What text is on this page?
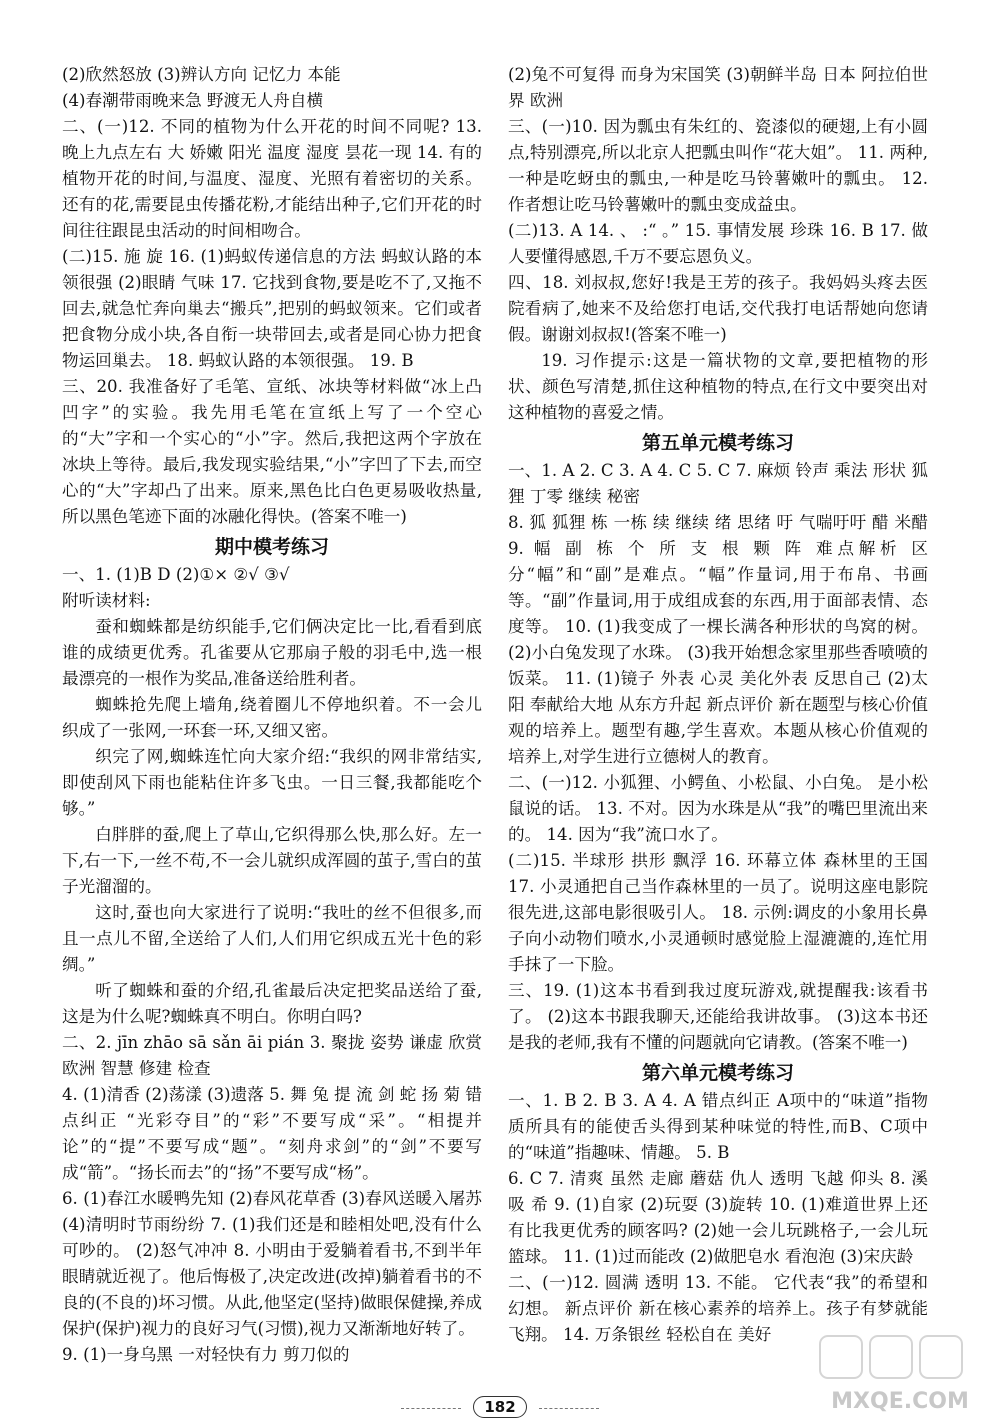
(2)欣然怒放 (3)辨认方向 记忆力 本能

(4)春潮带雨晚来急 野渡无人舟自横

二、(一)12. 不同的植物为什么开花的时间不同呢? 13. 晚上九点左右 大 娇嫩 阳光 温度 湿度 昙花一现 14. 有的植物开花的时间,与温度、湿度、光照有着密切的关系。 还有的花,需要昆虫传播花粉,才能结出种子,它们开花的时间往往跟昆虫活动的时间相吻合。

(二)15. 施 旋 16. (1)蚂蚁传递信息的方法 蚂蚁认路的本领很强 (2)眼睛 气味 17. 它找到食物,要是吃不了,又拖不回去,就急忙奔向巢去“搬兵”,把别的蚂蚁领来。它们或者把食物分成小块,各自衔一块带回去,或者是同心协力把食物运回巢去。 18. 蚂蚁认路的本领很强。 19. B

三、20. 我准备好了毛笔、宣纸、冰块等材料做“冰上凸凹字”的实验。我先用毛笔在宣纸上写了一个空心的“大”字和一个实心的“小”字。然后,我把这两个字放在冰块上等待。最后,我发现实验结果,“小”字凹了下去,而空心的“大”字却凸了出来。原来,黑色比白色更易吸收热量,所以黑色笔迹下面的冰融化得快。(答案不唯一)

期中模考练习

一、1. (1)B D (2)①× ②√ ③√

附听读材料:

蚕和蜘蛛都是纺织能手,它们俩决定比一比,看看到底谁的成绩更优秀。孔雀要从它那扇子般的羽毛中,选一根最漂亮的一根作为奖品,准备送给胜利者。

蜘蛛抢先爬上墙角,绕着圈儿不停地织着。不一会儿织成了一张网,一环套一环,又细又密。

织完了网,蜘蛛连忙向大家介绍:“我织的网非常结实,即使刮风下雨也能粘住许多飞虫。一日三餐,我都能吃个够。”

白胖胖的蚕,爬上了草山,它织得那么快,那么好。左一下,右一下,一丝不苟,不一会儿就织成浑圆的茧子,雪白的茧子光溜溜的。

这时,蚕也向大家进行了说明:“我吐的丝不但很多,而且一点儿不留,全送给了人们,人们用它织成五光十色的彩绸。”

听了蜘蛛和蚕的介绍,孔雀最后决定把奖品送给了蚕,这是为什么呢?蜘蛛真不明白。你明白吗?

二、2. jīn zhāo sā sǎn āi pián 3. 聚拢 姿势 谦虚 欣赏 欧洲 智慧 修建 检查

4. (1)清香 (2)荡漾 (3)遗落 5. 舞 兔 提 流 剑 蛇 扬 菊 错点纠正 “光彩夺目”的“彩”不要写成“采”。“相提并论”的“提”不要写成“题”。“刻舟求剑”的“剑”不要写成“箭”。“扬长而去”的“扬”不要写成“杨”。

6. (1)春江水暖鸭先知 (2)春风花草香 (3)春风送暖入屠苏 (4)清明时节雨纷纷 7. (1)我们还是和睦相处吧,没有什么可吵的。 (2)怒气冲冲 8. 小明由于爱躺着看书,不到半年眼睛就近视了。他后悔极了,决定改进(改掉)躺着看书的不良的(不良的)坏习惯。从此,他坚定(坚持)做眼保健操,养成保护(保护)视力的良好习气(习惯),视力又渐渐地好转了。

9. (1)一身乌黑 一对轻快有力 剪刀似的

(2)兔不可复得 而身为宋国笑 (3)朝鲜半岛 日本 阿拉伯世界 欧洲

三、(一)10. 因为瓢虫有朱红的、瓷漆似的硬翅,上有小圆点,特别漂亮,所以北京人把瓢虫叫作“花大姐”。 11. 两种,一种是吃蚜虫的瓢虫,一种是吃马铃薯嫩叶的瓢虫。 12. 作者想让吃马铃薯嫩叶的瓢虫变成益虫。

(二)13. A 14. 、 :“ 。” 15. 事情发展 珍珠 16. B 17. 做人要懂得感恩,千万不要忘恩负义。

四、18. 刘叔叔,您好!我是王芳的孩子。我妈妈头疼去医院看病了,她来不及给您打电话,交代我打电话帮她向您请假。谢谢刘叔叔!(答案不唯一)

19. 习作提示:这是一篇状物的文章,要把植物的形状、颜色写清楚,抓住这种植物的特点,在行文中要突出对这种植物的喜爱之情。

第五单元模考练习

一、1. A 2. C 3. A 4. C 5. C 7. 麻烦 铃声 乘法 形状 狐狸 丁零 继续 秘密

8. 狐 狐狸 栋 一栋 续 继续 绪 思绪 吁 气喘吁吁 醋 米醋 9. 幅 副 栋 个 所 支 根 颗 阵 难点解析 区分“幅”和“副”是难点。“幅”作量词,用于布帛、书画等。“副”作量词,用于成组成套的东西,用于面部表情、态度等。 10. (1)我变成了一棵长满各种形状的鸟窝的树。 (2)小白兔发现了水珠。 (3)我开始想念家里那些香喷喷的饭菜。 11. (1)镜子 外表 心灵 美化外表 反思自己 (2)太阳 奉献给大地 从东方升起 新点评价 新在题型与核心价值观的培养上。题型有趣,学生喜欢。本题从核心价值观的培养上,对学生进行立德树人的教育。

二、(一)12. 小狐狸、小鳄鱼、小松鼠、小白兔。 是小松鼠说的话。 13. 不对。因为水珠是从“我”的嘴巴里流出来的。 14. 因为“我”流口水了。

(二)15. 半球形 拱形 飘浮 16. 环幕立体 森林里的王国 17. 小灵通把自己当作森林里的一员了。说明这座电影院很先进,这部电影很吸引人。 18. 示例:调皮的小象用长鼻子向小动物们喷水,小灵通顿时感觉脸上湿漉漉的,连忙用手抹了一下脸。

三、19. (1)这本书看到我过度玩游戏,就提醒我:该看书了。 (2)这本书跟我聊天,还能给我讲故事。 (3)这本书还是我的老师,我有不懂的问题就向它请教。(答案不唯一)

第六单元模考练习

一、1. B 2. B 3. A 4. A 错点纠正 A项中的“味道”指物质所具有的能使舌头得到某种味觉的特性,而B、C项中的“味道”指趣味、情趣。 5. B

6. C 7. 清爽 虽然 走廊 蘑菇 仇人 透明 飞越 仰头 8. 溪 吸 希 9. (1)自家 (2)玩耍 (3)旋转 10. (1)难道世界上还有比我更优秀的顾客吗? (2)她一会儿玩跳格子,一会儿玩篮球。 11. (1)过而能改 (2)做肥皂水 看泡泡 (3)宋庆龄

二、(一)12. 圆满 透明 13. 不能。 它代表“我”的希望和幻想。 新点评价 新在核心素养的培养上。孩子有梦就能飞翔。 14. 万条银丝 轻松自在 美好

182	MXQE.COM
